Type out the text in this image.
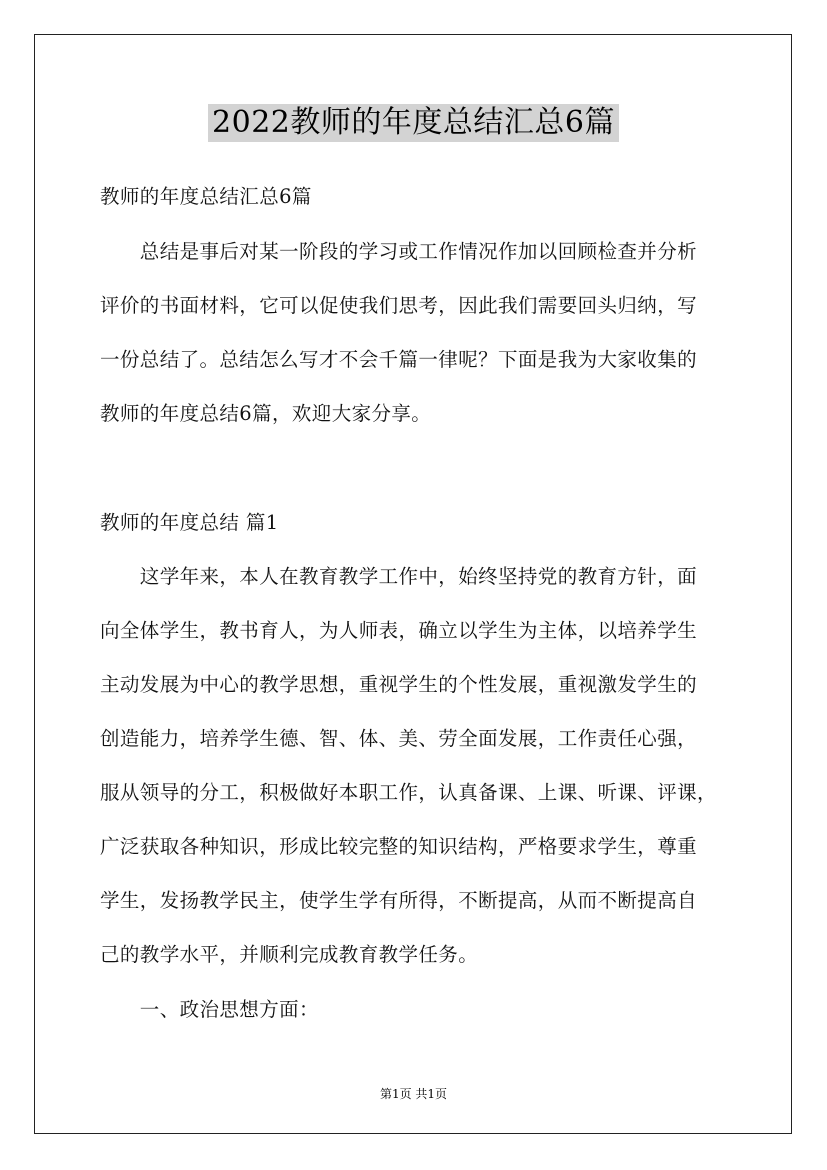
2022教师的年度总结汇总6篇
教师的年度总结汇总6篇
　　总结是事后对某一阶段的学习或工作情况作加以回顾检查并分析
评价的书面材料，它可以促使我们思考，因此我们需要回头归纳，写
一份总结了。总结怎么写才不会千篇一律呢？下面是我为大家收集的
教师的年度总结6篇，欢迎大家分享。
教师的年度总结 篇1
　　这学年来，本人在教育教学工作中，始终坚持党的教育方针，面
向全体学生，教书育人，为人师表，确立以学生为主体，以培养学生
主动发展为中心的教学思想，重视学生的个性发展，重视激发学生的
创造能力，培养学生德、智、体、美、劳全面发展，工作责任心强，
服从领导的分工，积极做好本职工作，认真备课、上课、听课、评课，
广泛获取各种知识，形成比较完整的知识结构，严格要求学生，尊重
学生，发扬教学民主，使学生学有所得，不断提高，从而不断提高自
己的教学水平，并顺利完成教育教学任务。
　　一、政治思想方面：
第1页 共1页
